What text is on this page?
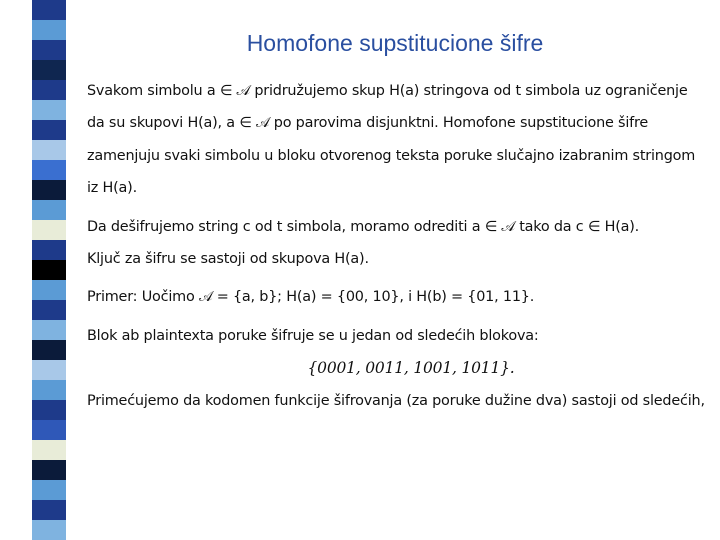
Homofone supstitucione šifre

Svakom simbolu a ∈ 𝒜 pridružujemo skup H(a) stringova od t simbola uz ograničenje

da su skupovi H(a), a ∈ 𝒜 po parovima disjunktni. Homofone supstitucione šifre

zamenjuju svaki simbolu u bloku otvorenog teksta poruke slučajno izabranim stringom

iz H(a).

Da dešifrujemo string c od t simbola, moramo odrediti a ∈ 𝒜 tako da c ∈ H(a).

Ključ za šifru se sastoji od skupova H(a).

Primer: Uočimo 𝒜 = {a, b}; H(a) = {00, 10}, i H(b) = {01, 11}.

Blok ab plaintexta poruke šifruje se u jedan od sledećih blokova:

{0001, 0011, 1001, 1011}.

Primećujemo da kodomen funkcije šifrovanja (za poruke dužine dva) sastoji od sledećih,
